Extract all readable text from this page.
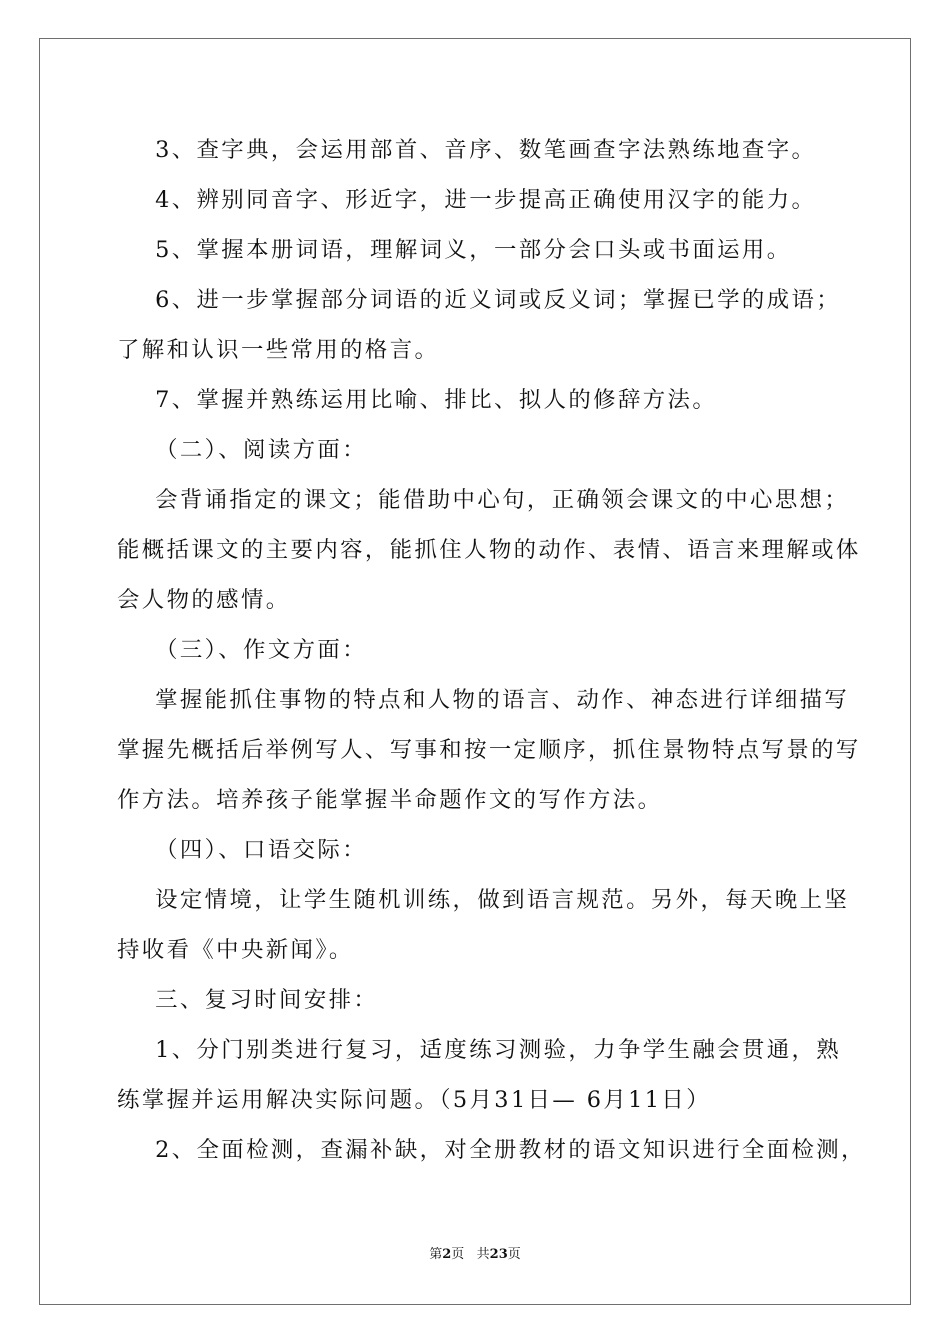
3、查字典，会运用部首、音序、数笔画查字法熟练地查字。
4、辨别同音字、形近字，进一步提高正确使用汉字的能力。
5、掌握本册词语，理解词义，一部分会口头或书面运用。
6、进一步掌握部分词语的近义词或反义词；掌握已学的成语；
了解和认识一些常用的格言。
7、掌握并熟练运用比喻、排比、拟人的修辞方法。
（二）、阅读方面：
会背诵指定的课文；能借助中心句，正确领会课文的中心思想；
能概括课文的主要内容，能抓住人物的动作、表情、语言来理解或体
会人物的感情。
（三）、作文方面：
掌握能抓住事物的特点和人物的语言、动作、神态进行详细描写
掌握先概括后举例写人、写事和按一定顺序，抓住景物特点写景的写
作方法。培养孩子能掌握半命题作文的写作方法。
（四）、口语交际：
设定情境，让学生随机训练，做到语言规范。另外，每天晚上坚
持收看《中央新闻》。
三、复习时间安排：
1、分门别类进行复习，适度练习测验，力争学生融会贯通，熟
练掌握并运用解决实际问题。（5月31日— 6月11日）
2、全面检测，查漏补缺，对全册教材的语文知识进行全面检测，
第2页   共23页
